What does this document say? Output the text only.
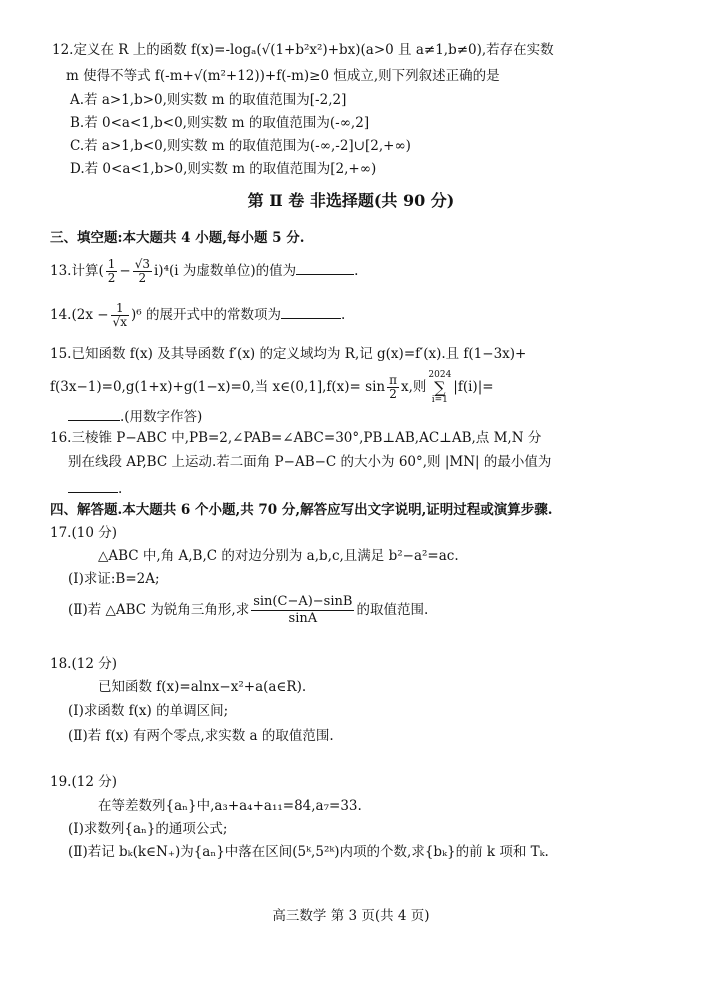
12.定义在 R 上的函数 f(x)=-logₐ(√(1+b²x²)+bx)(a>0 且 a≠1,b≠0),若存在实数
m 使得不等式 f(-m+√(m²+12))+f(-m)≥0 恒成立,则下列叙述正确的是
A.若 a>1,b>0,则实数 m 的取值范围为[-2,2]
B.若 0<a<1,b<0,则实数 m 的取值范围为(-∞,2]
C.若 a>1,b<0,则实数 m 的取值范围为(-∞,-2]∪[2,+∞)
D.若 0<a<1,b>0,则实数 m 的取值范围为[2,+∞)
第 Ⅱ 卷 非选择题(共 90 分)
三、填空题:本大题共 4 小题,每小题 5 分.
13.计算( $\frac{1}{2} - \frac{√3}{2} i)^4(i$ 为虚数单位)的值为	.
$14.(2x - \frac{1}{√x} )^6$ 的展开式中的常数项为	.
15.已知函数 f(x) 及其导函数 f′(x) 的定义域均为 R,记 g(x)=f′(x).且 f(1−3x)+
f(3x−1)=0,g(1+x)+g(1−x)=0,当 x∈(0,1],f(x)= $\sin \frac{\pi}{2} x$,则2024
∑
i=1|f(i)|=
.(用数字作答)
16.三棱锥 P−ABC 中,PB=2,∠PAB=∠ABC=30°,PB⊥AB,AC⊥AB,点 M,N 分
别在线段 AP,BC 上运动.若二面角 P−AB−C 的大小为 60°,则 |MN| 的最小值为
.
四、解答题.本大题共 6 个小题,共 70 分,解答应写出文字说明,证明过程或演算步骤.
17.(10 分)
△ABC 中,角 A,B,C 的对边分别为 a,b,c,且满足 b²−a²=ac.
(Ⅰ)求证:B=2A;
(Ⅱ)若 △ABC 为锐角三角形,求 $\frac{\sin(C-A)-\sin B}{\sin A}$ 的取值范围.
18.(12 分)
已知函数 f(x)=alnx−x²+a(a∈R).
(Ⅰ)求函数 f(x) 的单调区间;
(Ⅱ)若 f(x) 有两个零点,求实数 a 的取值范围.
19.(12 分)
在等差数列{aₙ}中,a₃+a₄+a₁₁=84,a₇=33.
(Ⅰ)求数列{aₙ}的通项公式;
(Ⅱ)若记 bₖ(k∈N₊)为{aₙ}中落在区间(5ᵏ,5²ᵏ)内项的个数,求{bₖ}的前 k 项和 Tₖ.
高三数学 第 3 页(共 4 页)
